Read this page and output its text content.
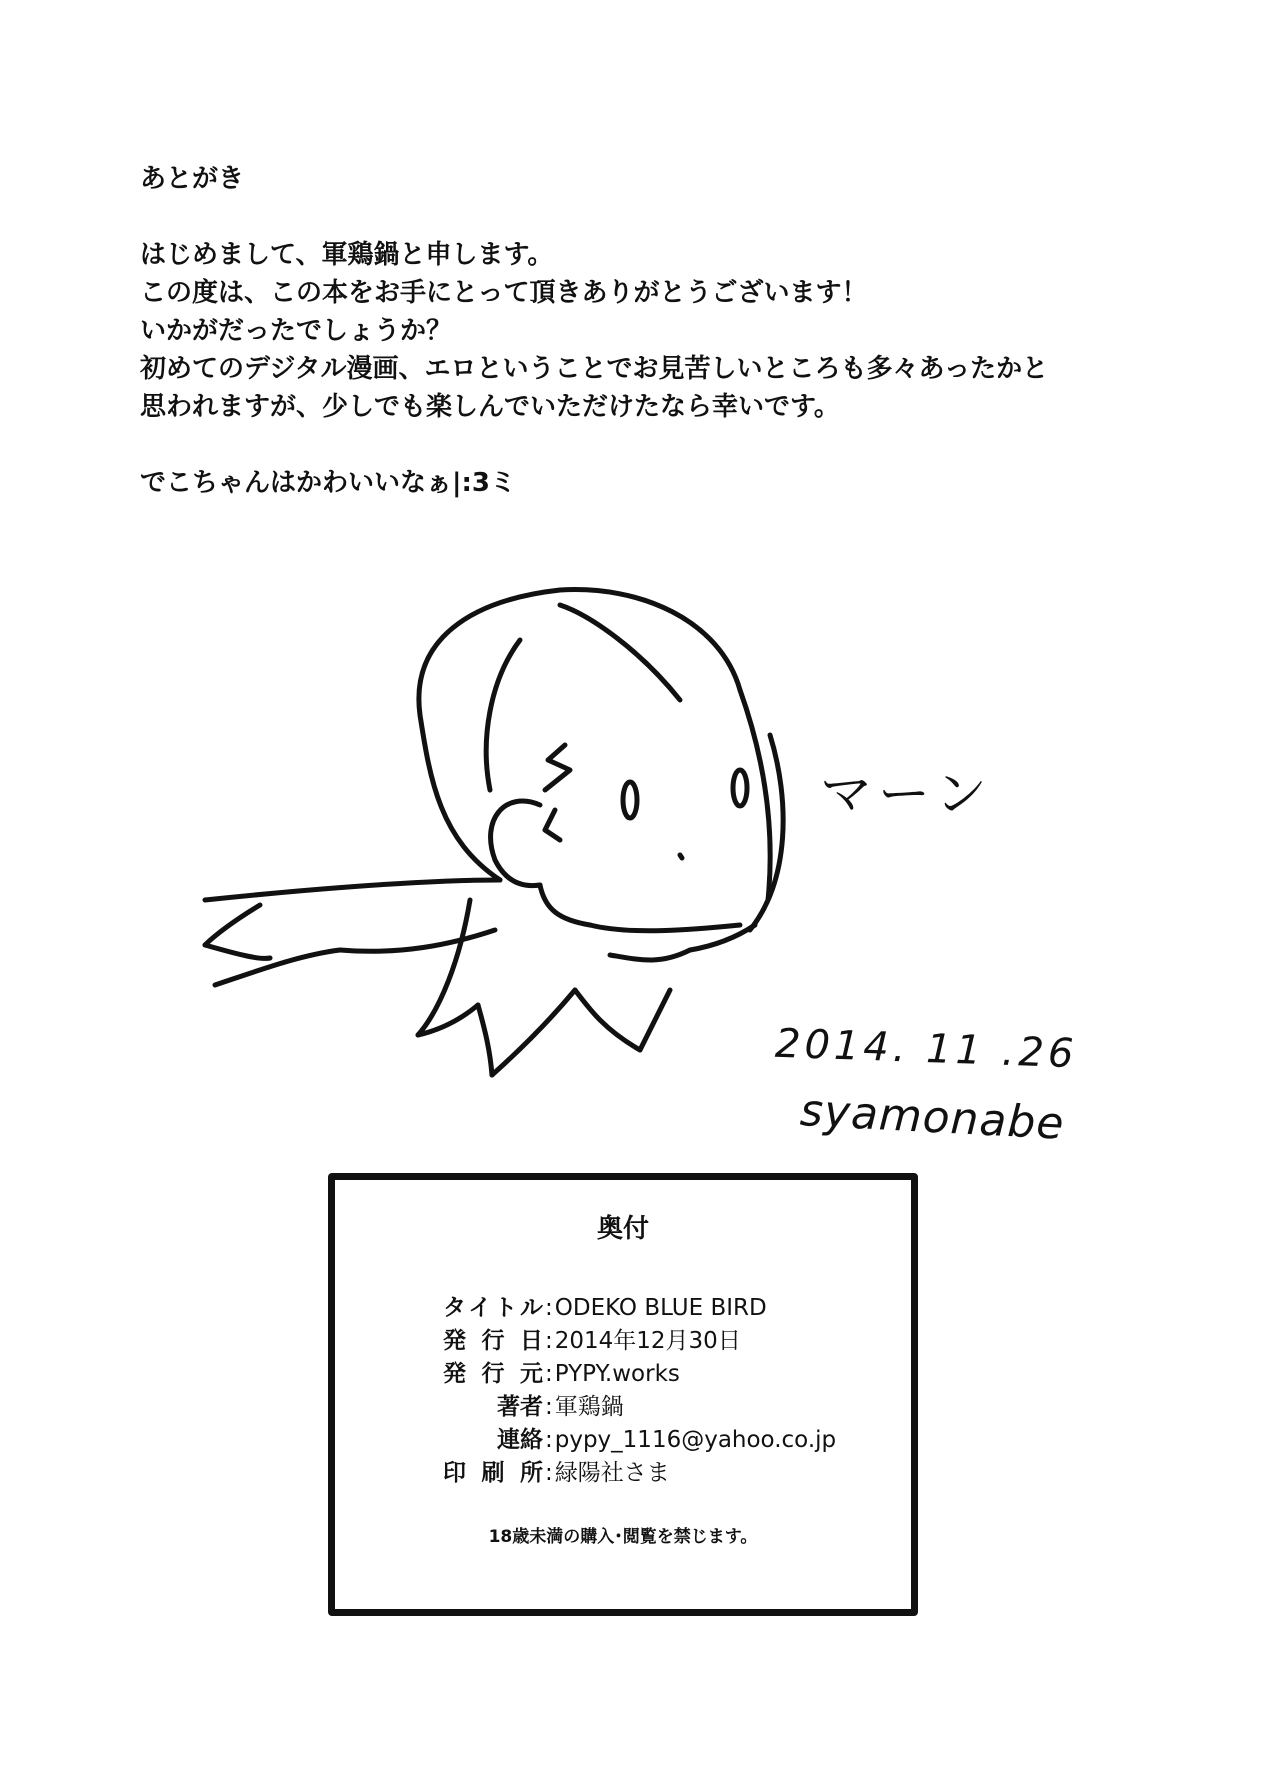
あとがき
はじめまして、軍鶏鍋と申します。
この度は、この本をお手にとって頂きありがとうございます！
いかがだったでしょうか？
初めてのデジタル漫画、エロということでお見苦しいところも多々あったかと
思われますが、少しでも楽しんでいただけたなら幸いです。
でこちゃんはかわいいなぁ|:3ミ
マーン
2014. 11 .26
syamonabe
奥付
タイトル : ODEKO BLUE BIRD
発行日 : 2014年12月30日
発行元 : PYPY.works
著者 : 軍鶏鍋
連絡 : pypy_1116@yahoo.co.jp
印刷所 : 緑陽社さま
18歳未満の購入･閲覧を禁じます。
